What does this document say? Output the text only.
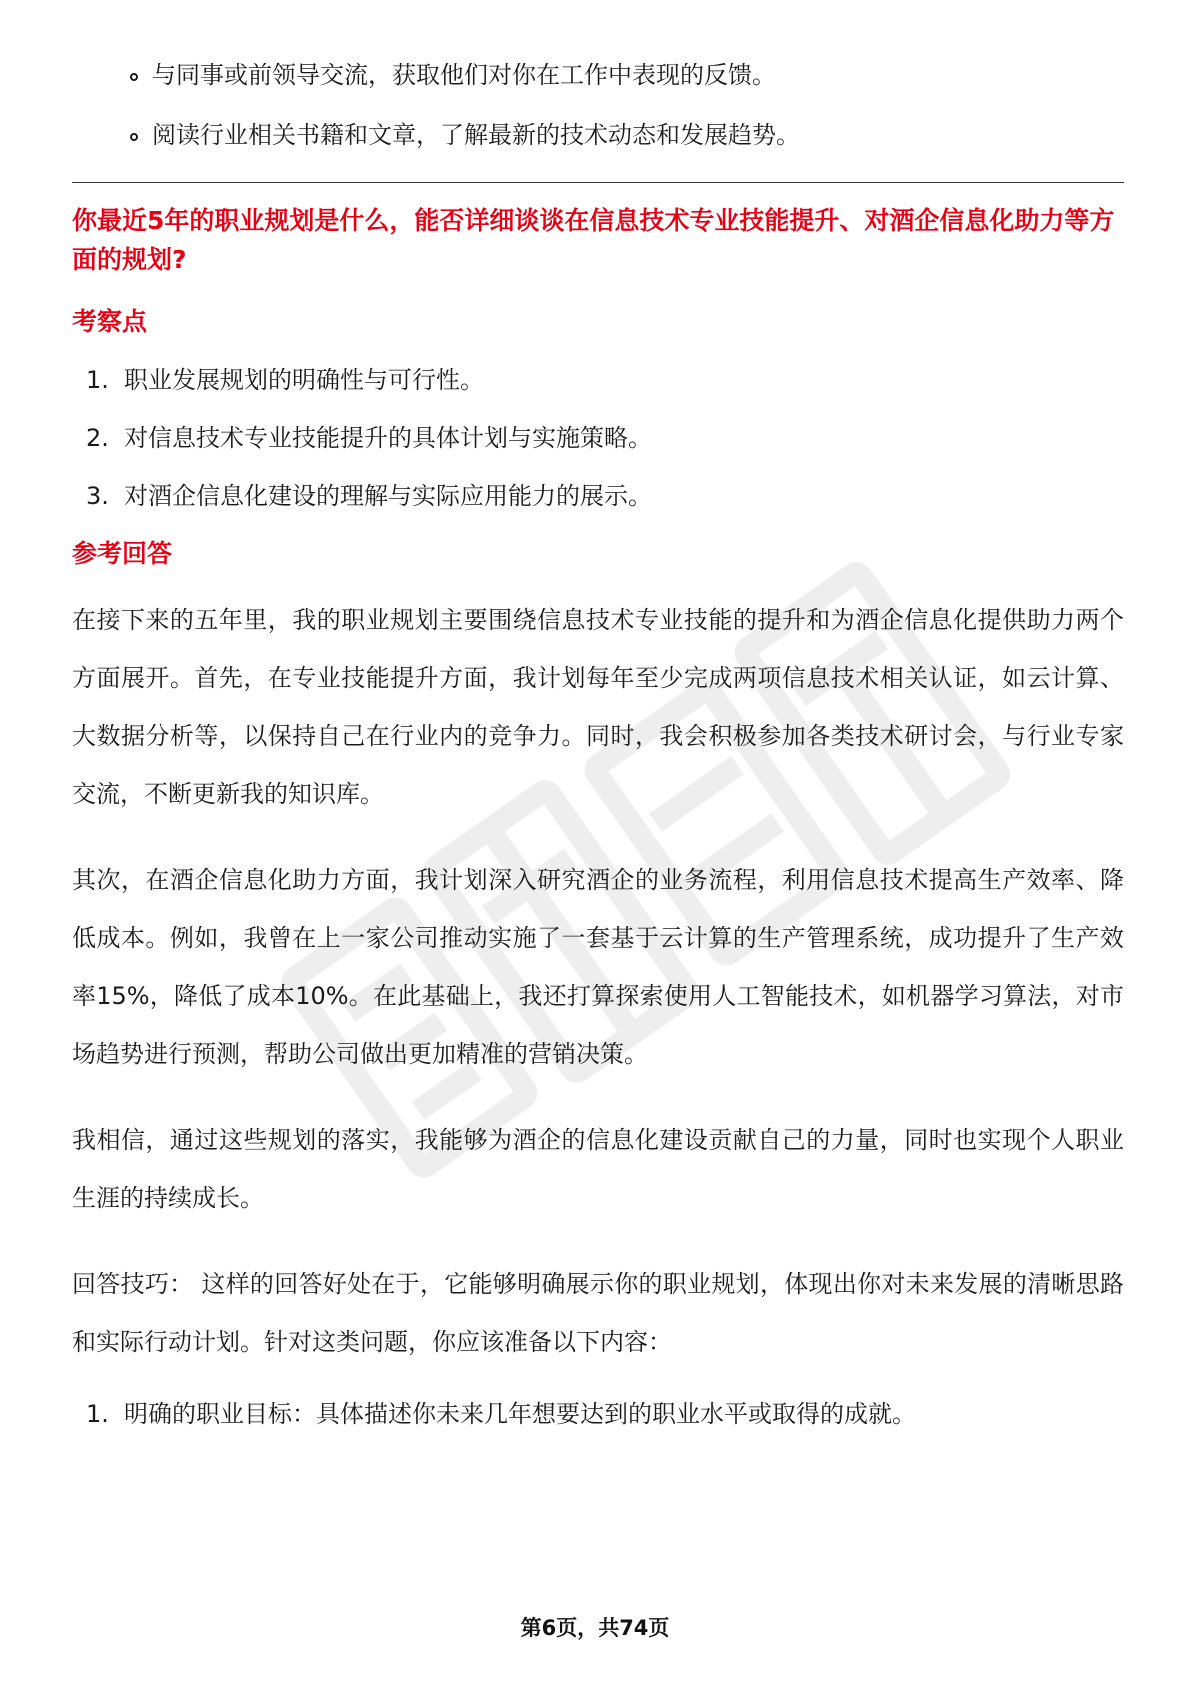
与同事或前领导交流，获取他们对你在工作中表现的反馈。
阅读行业相关书籍和文章，了解最新的技术动态和发展趋势。
你最近5年的职业规划是什么，能否详细谈谈在信息技术专业技能提升、对酒企信息化助力等方面的规划?
考察点
1. 职业发展规划的明确性与可行性。
2. 对信息技术专业技能提升的具体计划与实施策略。
3. 对酒企信息化建设的理解与实际应用能力的展示。
参考回答

在接下来的五年里，我的职业规划主要围绕信息技术专业技能的提升和为酒企信息化提供助力两个方面展开。首先，在专业技能提升方面，我计划每年至少完成两项信息技术相关认证，如云计算、大数据分析等，以保持自己在行业内的竞争力。同时，我会积极参加各类技术研讨会，与行业专家交流，不断更新我的知识库。

其次，在酒企信息化助力方面，我计划深入研究酒企的业务流程，利用信息技术提高生产效率、降低成本。例如，我曾在上一家公司推动实施了一套基于云计算的生产管理系统，成功提升了生产效率15%，降低了成本10%。在此基础上，我还打算探索使用人工智能技术，如机器学习算法，对市场趋势进行预测，帮助公司做出更加精准的营销决策。

我相信，通过这些规划的落实，我能够为酒企的信息化建设贡献自己的力量，同时也实现个人职业生涯的持续成长。

回答技巧： 这样的回答好处在于，它能够明确展示你的职业规划，体现出你对未来发展的清晰思路和实际行动计划。针对这类问题，你应该准备以下内容：

1. 明确的职业目标：具体描述你未来几年想要达到的职业水平或取得的成就。
第6页，共74页
